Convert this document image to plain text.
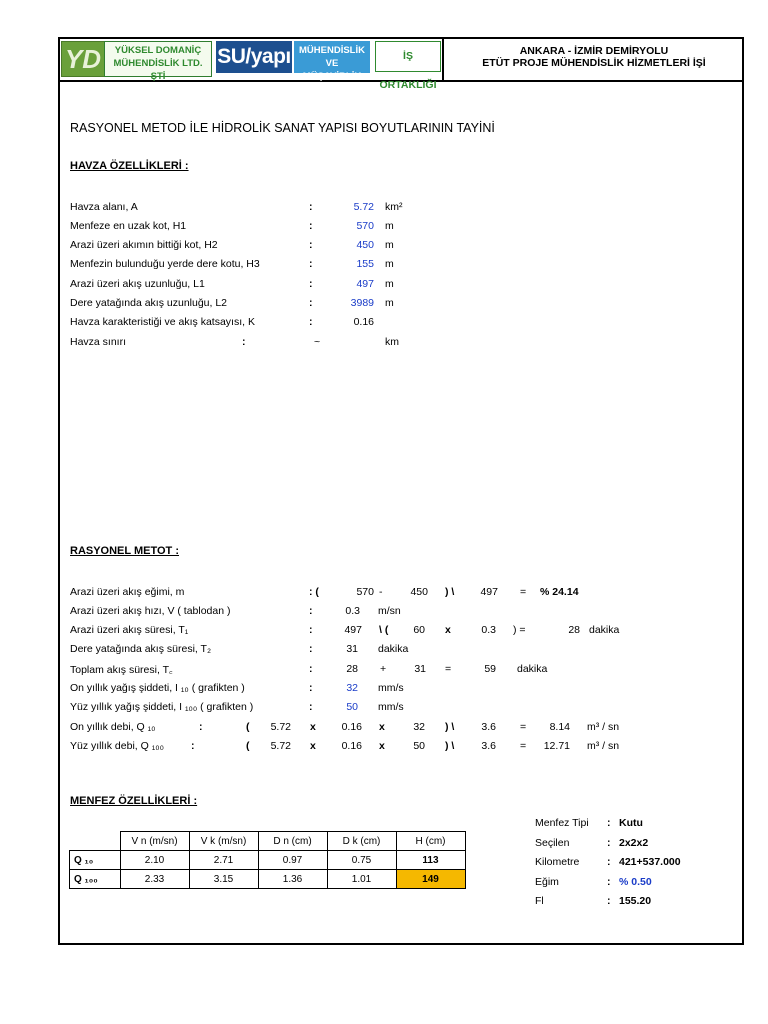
YD	YÜKSEL DOMANİÇ
MÜHENDİSLİK LTD. ŞTİ
SU/yapı MÜHENDİSLİK VE
MÜŞAVİRLİK A.Ş.
İŞ ORTAKLIĞI
ANKARA - İZMİR DEMİRYOLU
ETÜT PROJE MÜHENDİSLİK HİZMETLERİ İŞİ
RASYONEL METOD İLE HİDROLİK SANAT YAPISI BOYUTLARININ TAYİNİ
HAVZA ÖZELLİKLERİ :
Havza alanı, A	:	5.72 km²
Menfeze en uzak kot, H1	:	570 m
Arazi üzeri akımın bittiği kot, H2	:	450 m
Menfezin bulunduğu yerde dere kotu, H3	:	155 m
Arazi üzeri akış uzunluğu, L1	:	497 m
Dere yatağında akış uzunluğu, L2	:	3989 m
Havza karakteristiği ve akış katsayısı, K	:	0.16
Havza sınırı	:	~	km
RASYONEL METOT :
Arazi üzeri akış eğimi, m	: (	570 -	450 ) \	497 = % 24.14
Arazi üzeri akış hızı, V ( tablodan )	:	0.3 m/sn
Arazi üzeri akış süresi, T₁	:	497 \ (	60 x	0.3 ) =	28 dakika
Dere yatağında akış süresi, T₂	:	31 dakika
Toplam akış süresi, T꜀	:	28 +	31 =	59 dakika
On yıllık yağış şiddeti, I ₁₀ ( grafikten )	:	32 mm/s
Yüz yıllık yağış şiddeti, I ₁₀₀ ( grafikten )	:	50 mm/s
On yıllık debi, Q ₁₀	:	(	5.72 x	0.16 x	32 ) \	3.6 =	8.14 m³ / sn
Yüz yıllık debi, Q ₁₀₀	:	(	5.72 x	0.16 x	50 ) \	3.6 =	12.71 m³ / sn
MENFEZ ÖZELLİKLERİ :
	V n (m/sn)	V k (m/sn)	D n (cm)	D k (cm)	H (cm)
Q ₁₀	2.10	2.71	0.97	0.75	113
Q ₁₀₀	2.33	3.15	1.36	1.01	149
Menfez Tipi : Kutu
Seçilen	: 2x2x2
Kilometre	: 421+537.000
Eğim	: % 0.50
Fl	: 155.20
